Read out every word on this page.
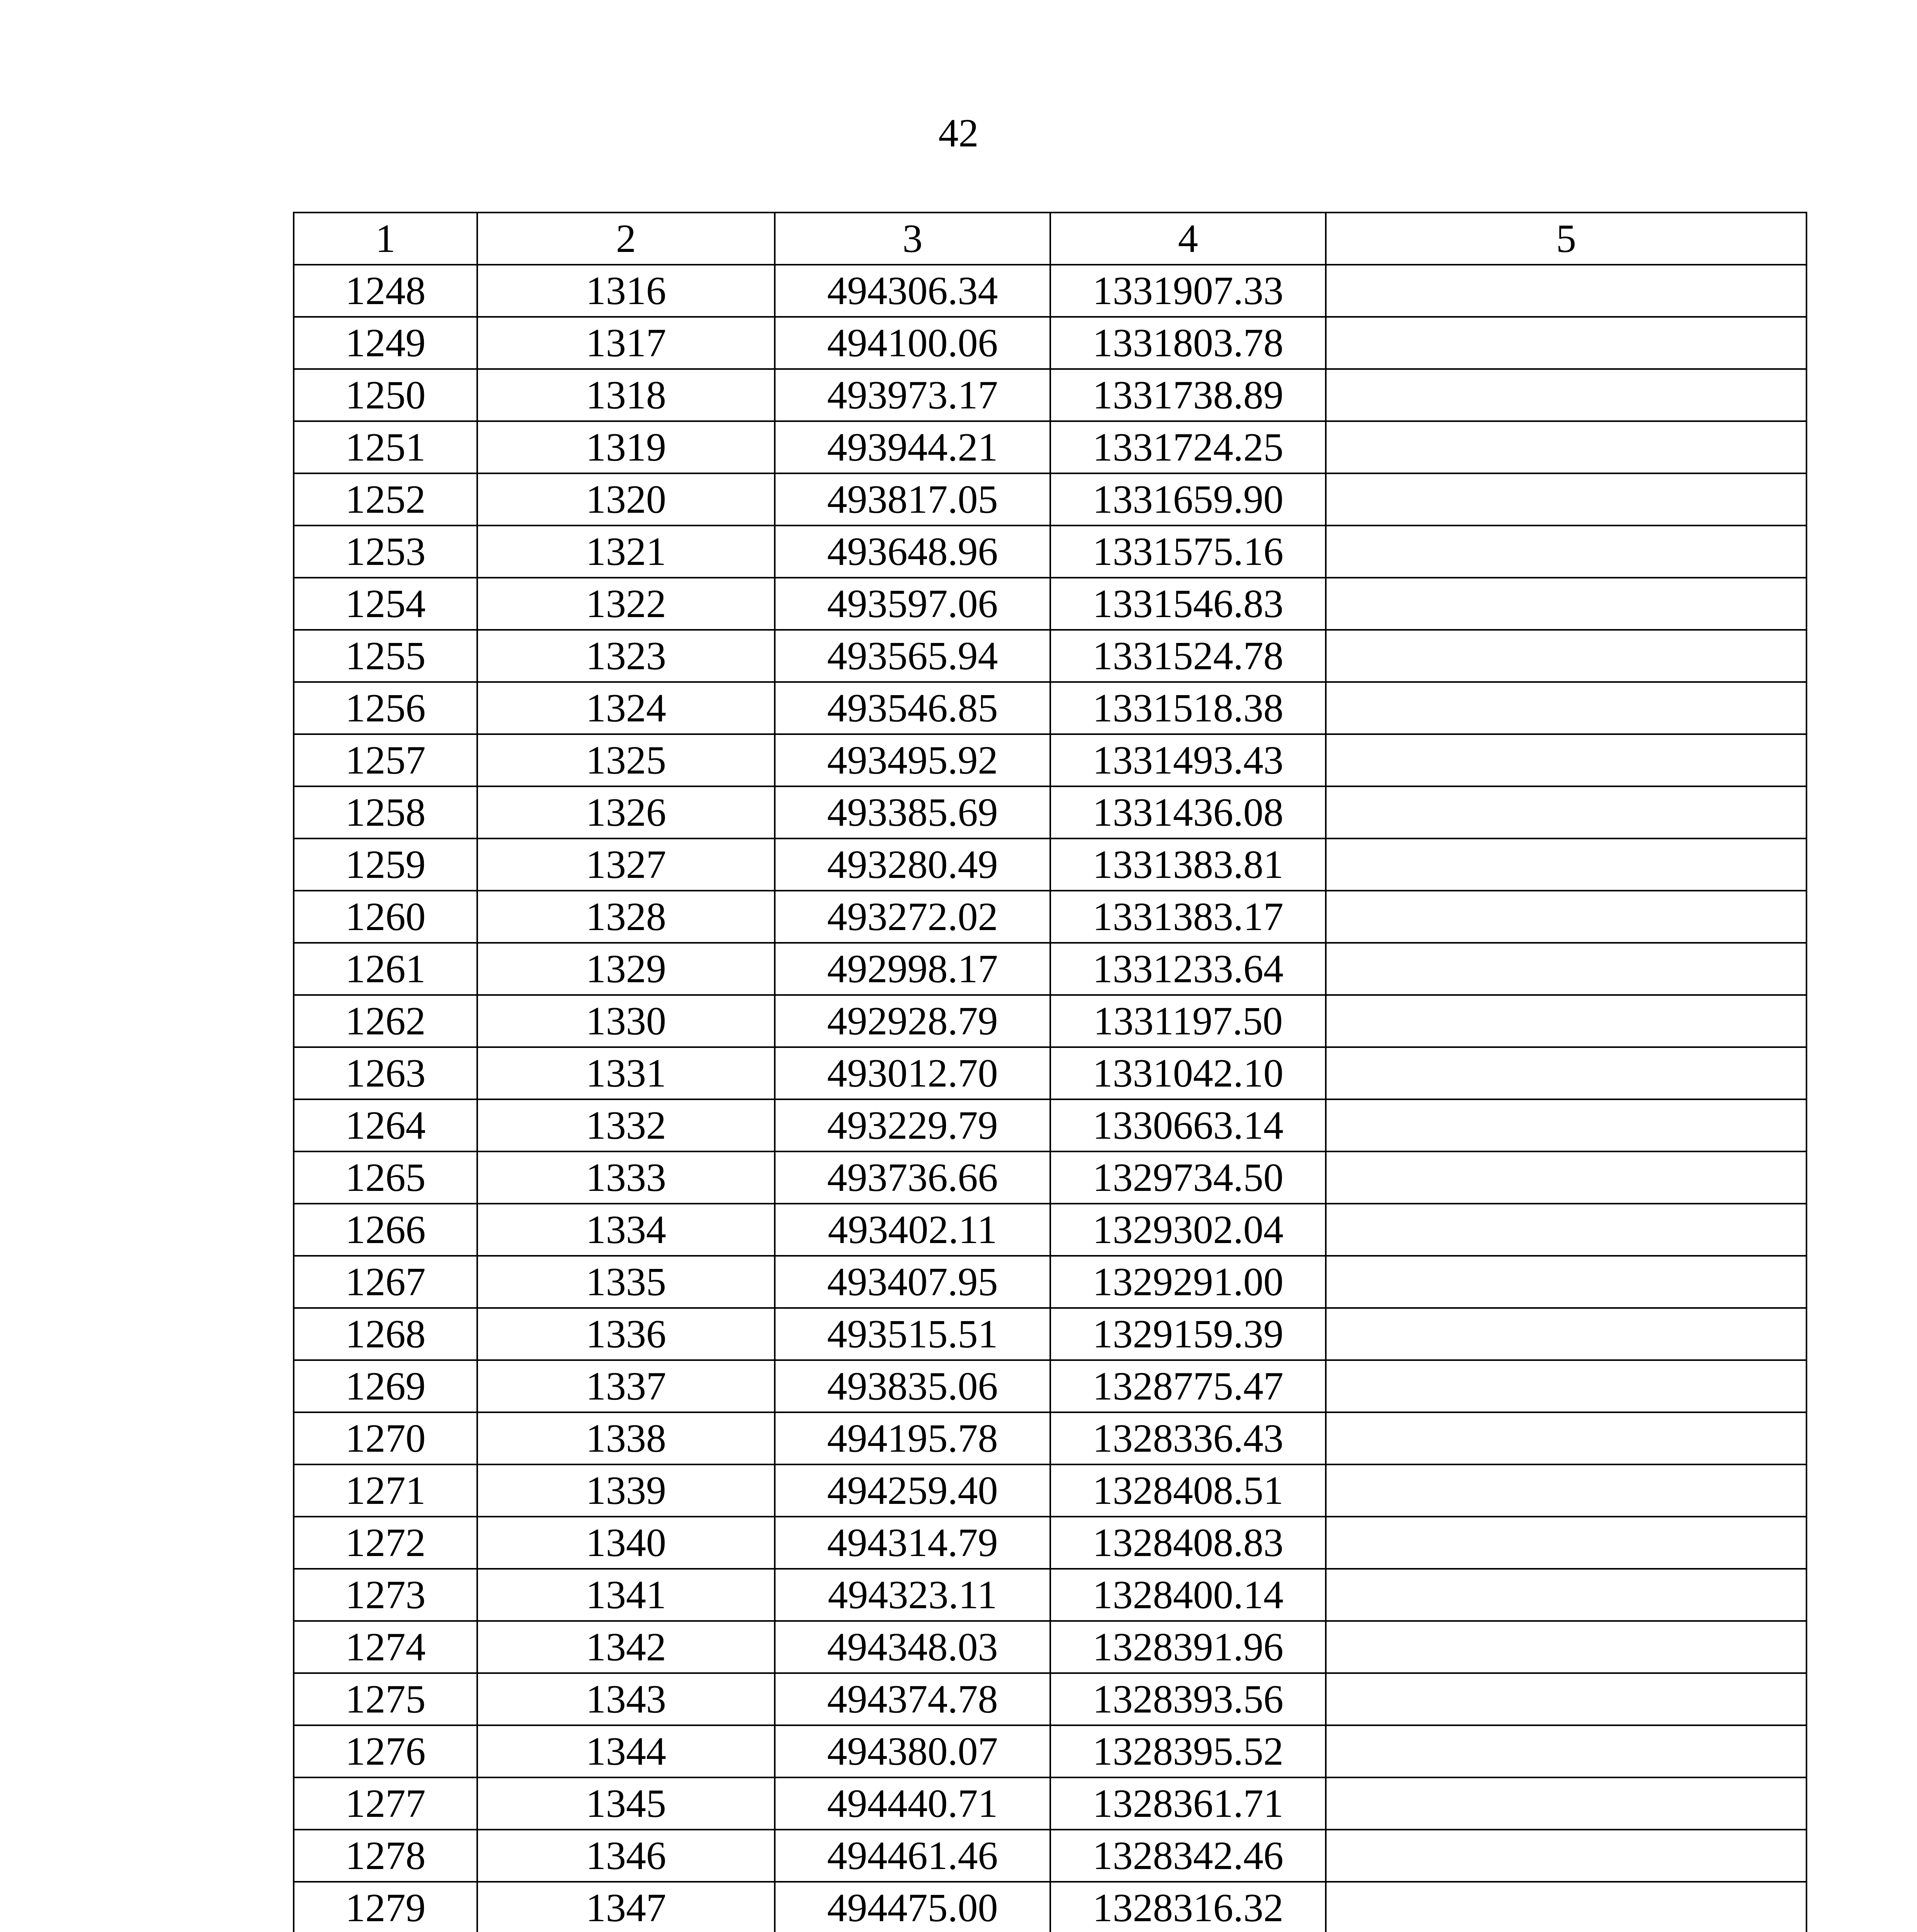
42
1	2	3	4	5
1248	1316	494306.34	1331907.33	
1249	1317	494100.06	1331803.78	
1250	1318	493973.17	1331738.89	
1251	1319	493944.21	1331724.25	
1252	1320	493817.05	1331659.90	
1253	1321	493648.96	1331575.16	
1254	1322	493597.06	1331546.83	
1255	1323	493565.94	1331524.78	
1256	1324	493546.85	1331518.38	
1257	1325	493495.92	1331493.43	
1258	1326	493385.69	1331436.08	
1259	1327	493280.49	1331383.81	
1260	1328	493272.02	1331383.17	
1261	1329	492998.17	1331233.64	
1262	1330	492928.79	1331197.50	
1263	1331	493012.70	1331042.10	
1264	1332	493229.79	1330663.14	
1265	1333	493736.66	1329734.50	
1266	1334	493402.11	1329302.04	
1267	1335	493407.95	1329291.00	
1268	1336	493515.51	1329159.39	
1269	1337	493835.06	1328775.47	
1270	1338	494195.78	1328336.43	
1271	1339	494259.40	1328408.51	
1272	1340	494314.79	1328408.83	
1273	1341	494323.11	1328400.14	
1274	1342	494348.03	1328391.96	
1275	1343	494374.78	1328393.56	
1276	1344	494380.07	1328395.52	
1277	1345	494440.71	1328361.71	
1278	1346	494461.46	1328342.46	
1279	1347	494475.00	1328316.32	
